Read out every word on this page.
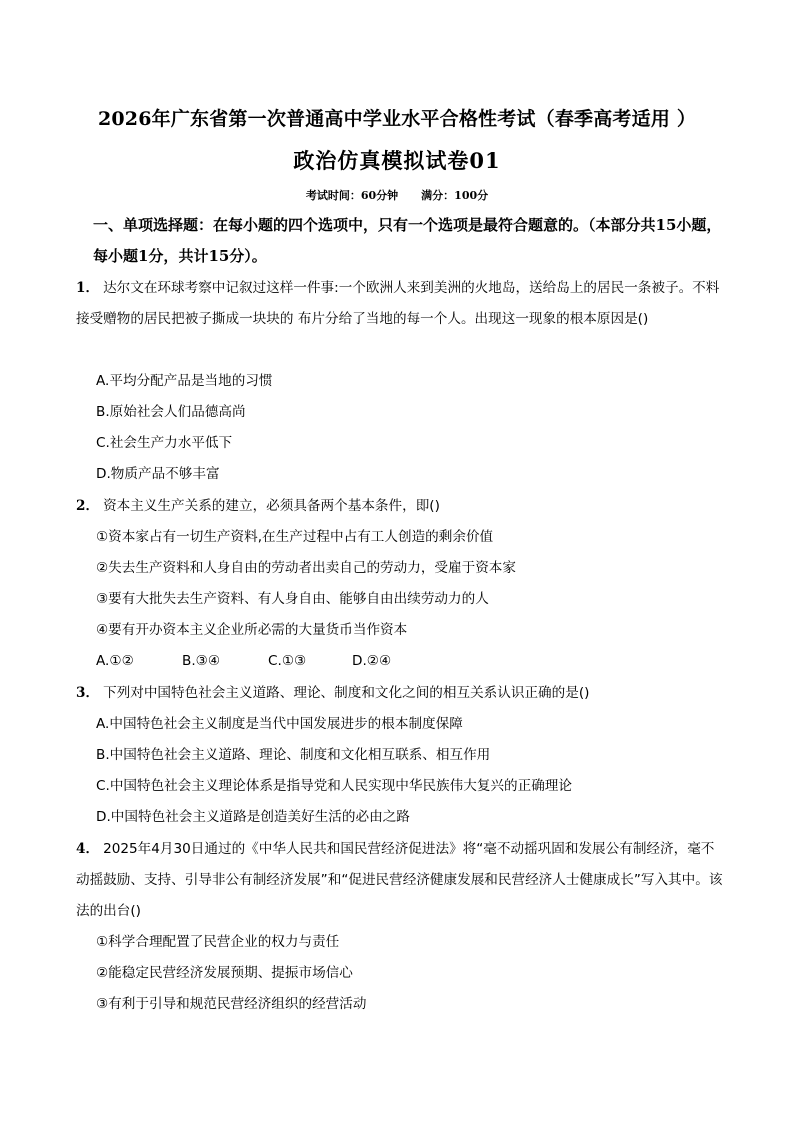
2026年广东省第一次普通高中学业水平合格性考试（春季高考适用 ）
政治仿真模拟试卷01
考试时间：60分钟      满分：100分
一、单项选择题：在每小题的四个选项中，只有一个选项是最符合题意的。（本部分共15小题，每小题1分，共计15分）。
1． 达尔文在环球考察中记叙过这样一件事:一个欧洲人来到美洲的火地岛，送给岛上的居民一条被子。不料接受赠物的居民把被子撕成一块块的 布片分给了当地的每一个人。出现这一现象的根本原因是()
A.平均分配产品是当地的习惯
B.原始社会人们品德高尚
C.社会生产力水平低下
D.物质产品不够丰富
2． 资本主义生产关系的建立，必须具备两个基本条件，即()
①资本家占有一切生产资料,在生产过程中占有工人创造的剩余价值
②失去生产资料和人身自由的劳动者出卖自己的劳动力，受雇于资本家
③要有大批失去生产资料、有人身自由、能够自由出续劳动力的人
④要有开办资本主义企业所必需的大量货币当作资本
A.①②	B.③④	C.①③	D.②④
3． 下列对中国特色社会主义道路、理论、制度和文化之间的相互关系认识正确的是()
A.中国特色社会主义制度是当代中国发展进步的根本制度保障
B.中国特色社会主义道路、理论、制度和文化相互联系、相互作用
C.中国特色社会主义理论体系是指导党和人民实现中华民族伟大复兴的正确理论
D.中国特色社会主义道路是创造美好生活的必由之路
4． 2025年4月30日通过的《中华人民共和国民营经济促进法》将“毫不动摇巩固和发展公有制经济，毫不动摇鼓励、支持、引导非公有制经济发展”和“促进民营经济健康发展和民营经济人士健康成长”写入其中。该法的出台()
①科学合理配置了民营企业的权力与责任
②能稳定民营经济发展预期、提振市场信心
③有利于引导和规范民营经济组织的经营活动
